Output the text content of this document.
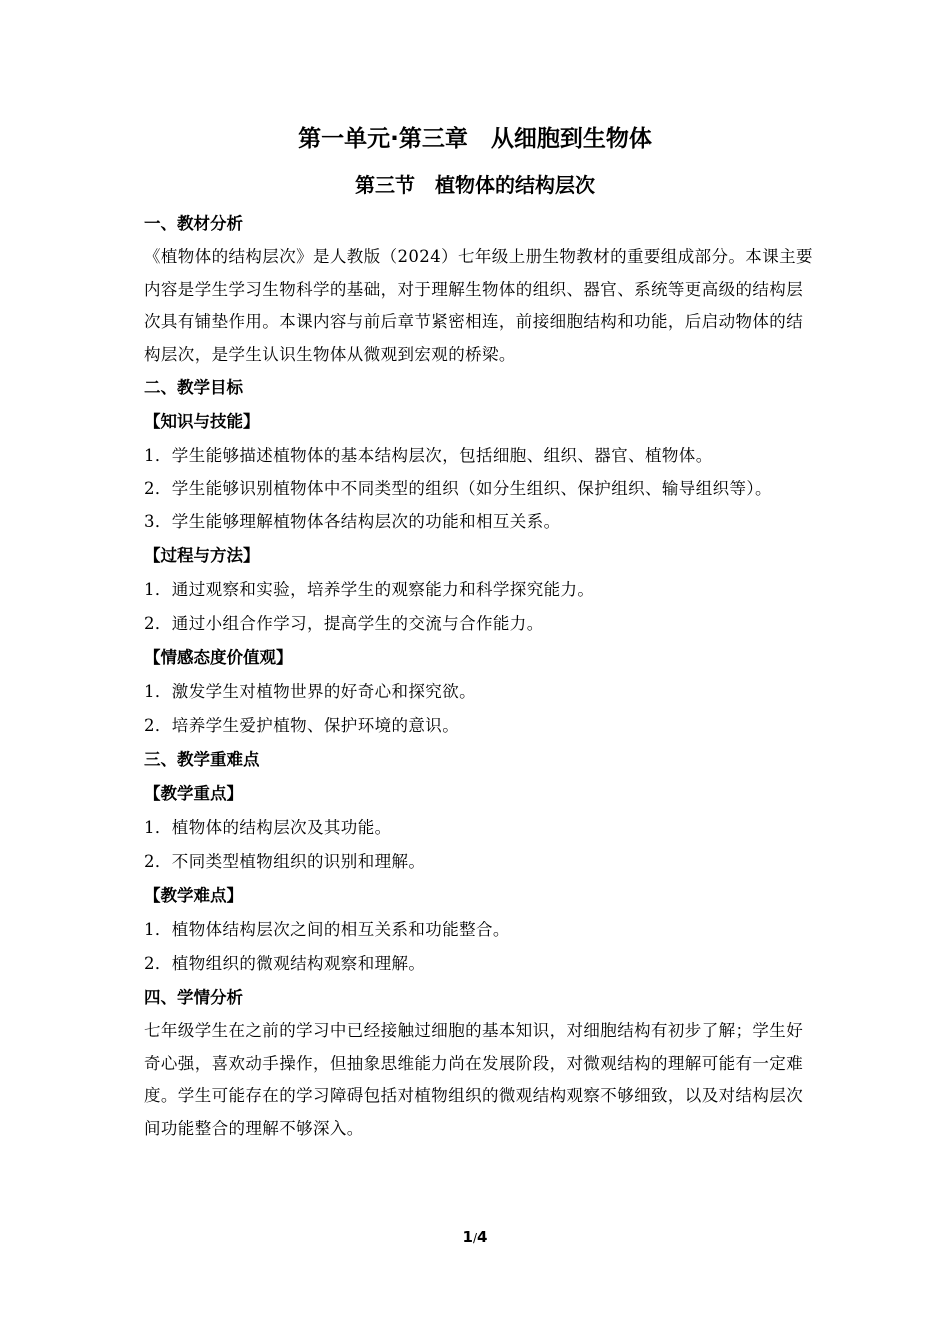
第一单元·第三章　从细胞到生物体
第三节　植物体的结构层次

一、教材分析

《植物体的结构层次》是人教版（2024）七年级上册生物教材的重要组成部分。本课主要内容是学生学习生物科学的基础，对于理解生物体的组织、器官、系统等更高级的结构层次具有铺垫作用。本课内容与前后章节紧密相连，前接细胞结构和功能，后启动物体的结构层次，是学生认识生物体从微观到宏观的桥梁。

二、教学目标

【知识与技能】

1．学生能够描述植物体的基本结构层次，包括细胞、组织、器官、植物体。

2．学生能够识别植物体中不同类型的组织（如分生组织、保护组织、输导组织等）。

3．学生能够理解植物体各结构层次的功能和相互关系。

【过程与方法】

1．通过观察和实验，培养学生的观察能力和科学探究能力。

2．通过小组合作学习，提高学生的交流与合作能力。

【情感态度价值观】

1．激发学生对植物世界的好奇心和探究欲。

2．培养学生爱护植物、保护环境的意识。

三、教学重难点

【教学重点】

1．植物体的结构层次及其功能。

2．不同类型植物组织的识别和理解。

【教学难点】

1．植物体结构层次之间的相互关系和功能整合。

2．植物组织的微观结构观察和理解。

四、学情分析

七年级学生在之前的学习中已经接触过细胞的基本知识，对细胞结构有初步了解；学生好奇心强，喜欢动手操作，但抽象思维能力尚在发展阶段，对微观结构的理解可能有一定难度。学生可能存在的学习障碍包括对植物组织的微观结构观察不够细致，以及对结构层次间功能整合的理解不够深入。

1/4
